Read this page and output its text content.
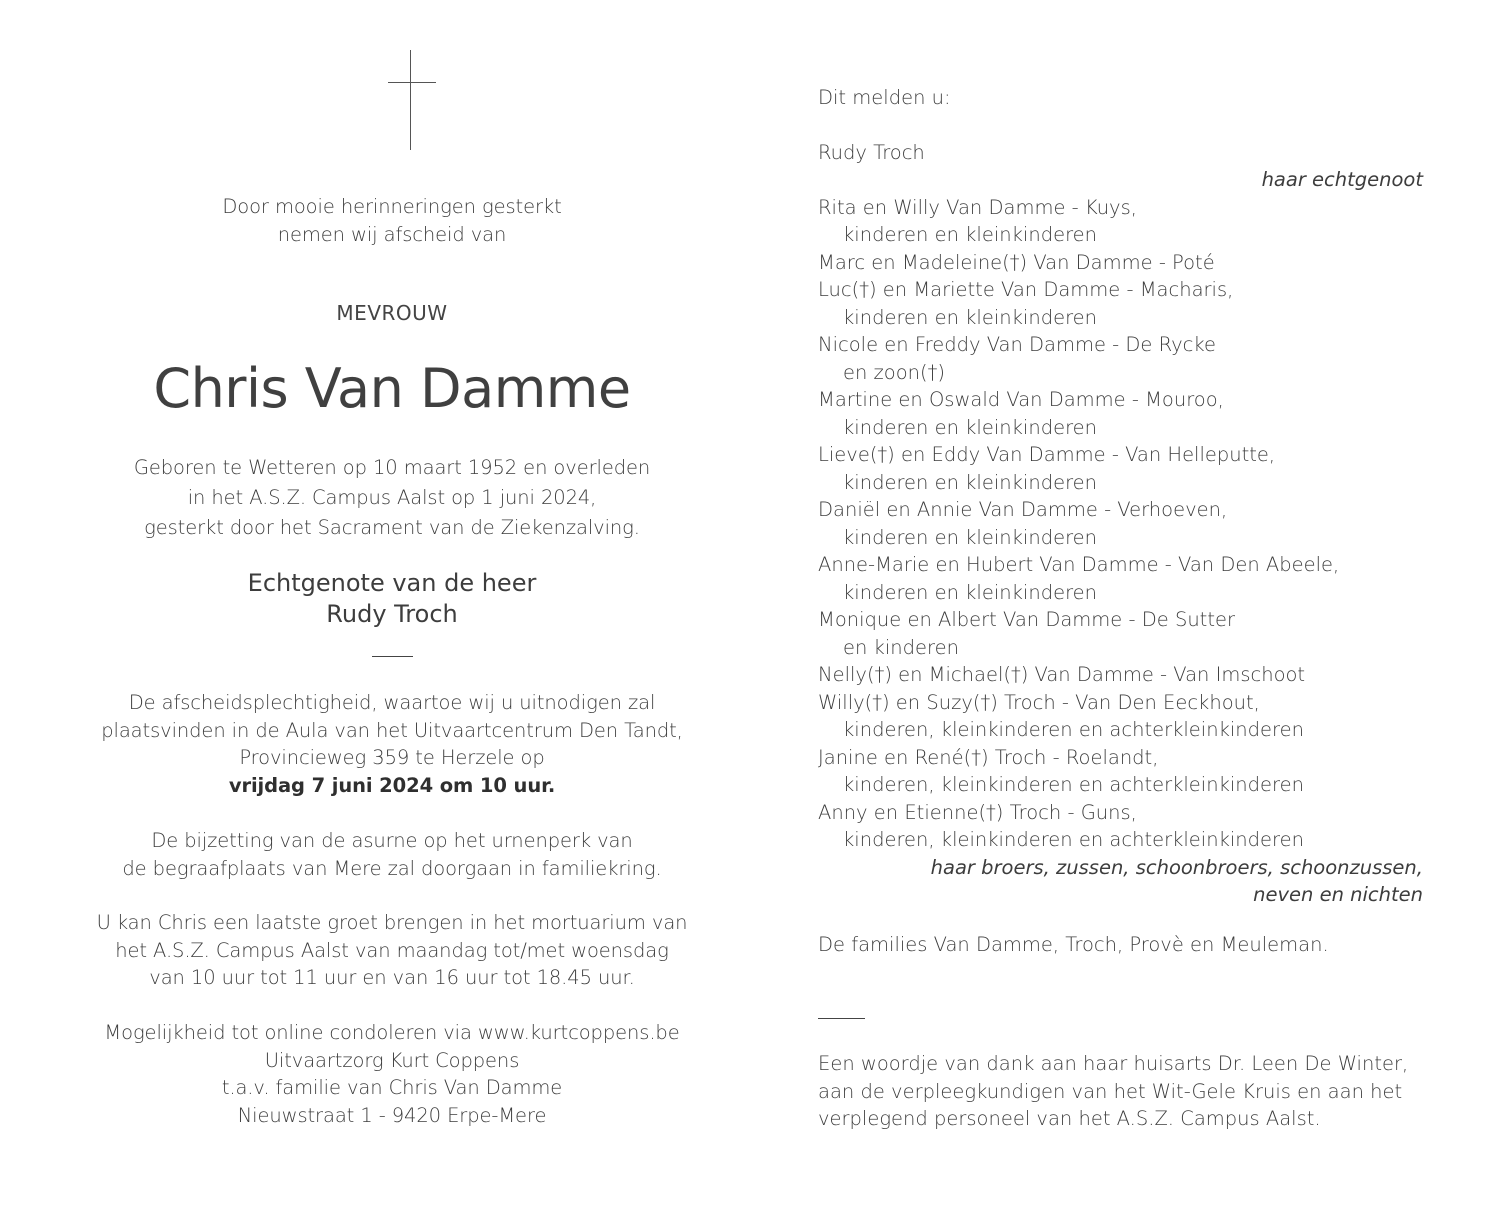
Door mooie herinneringen gesterkt
nemen wij afscheid van
MEVROUW
Chris Van Damme
Geboren te Wetteren op 10 maart 1952 en overleden
in het A.S.Z. Campus Aalst op 1 juni 2024,
gesterkt door het Sacrament van de Ziekenzalving.
Echtgenote van de heer
Rudy Troch
De afscheidsplechtigheid, waartoe wij u uitnodigen zal
plaatsvinden in de Aula van het Uitvaartcentrum Den Tandt,
Provincieweg 359 te Herzele op
vrijdag 7 juni 2024 om 10 uur.
De bijzetting van de asurne op het urnenperk van
de begraafplaats van Mere zal doorgaan in familiekring.
U kan Chris een laatste groet brengen in het mortuarium van
het A.S.Z. Campus Aalst van maandag tot/met woensdag
van 10 uur tot 11 uur en van 16 uur tot 18.45 uur.
Mogelijkheid tot online condoleren via www.kurtcoppens.be
Uitvaartzorg Kurt Coppens
t.a.v. familie van Chris Van Damme
Nieuwstraat 1 - 9420 Erpe-Mere
Dit melden u:
Rudy Troch
haar echtgenoot
Rita en Willy Van Damme - Kuys,
kinderen en kleinkinderen
Marc en Madeleine(†) Van Damme - Poté
Luc(†) en Mariette Van Damme - Macharis,
kinderen en kleinkinderen
Nicole en Freddy Van Damme - De Rycke
en zoon(†)
Martine en Oswald Van Damme - Mouroo,
kinderen en kleinkinderen
Lieve(†) en Eddy Van Damme - Van Helleputte,
kinderen en kleinkinderen
Daniël en Annie Van Damme - Verhoeven,
kinderen en kleinkinderen
Anne-Marie en Hubert Van Damme - Van Den Abeele,
kinderen en kleinkinderen
Monique en Albert Van Damme - De Sutter
en kinderen
Nelly(†) en Michael(†) Van Damme - Van Imschoot
Willy(†) en Suzy(†) Troch - Van Den Eeckhout,
kinderen, kleinkinderen en achterkleinkinderen
Janine en René(†) Troch - Roelandt,
kinderen, kleinkinderen en achterkleinkinderen
Anny en Etienne(†) Troch - Guns,
kinderen, kleinkinderen en achterkleinkinderen
haar broers, zussen, schoonbroers, schoonzussen,
neven en nichten
De families Van Damme, Troch, Provè en Meuleman.
Een woordje van dank aan haar huisarts Dr. Leen De Winter,
aan de verpleegkundigen van het Wit-Gele Kruis en aan het
verplegend personeel van het A.S.Z. Campus Aalst.
